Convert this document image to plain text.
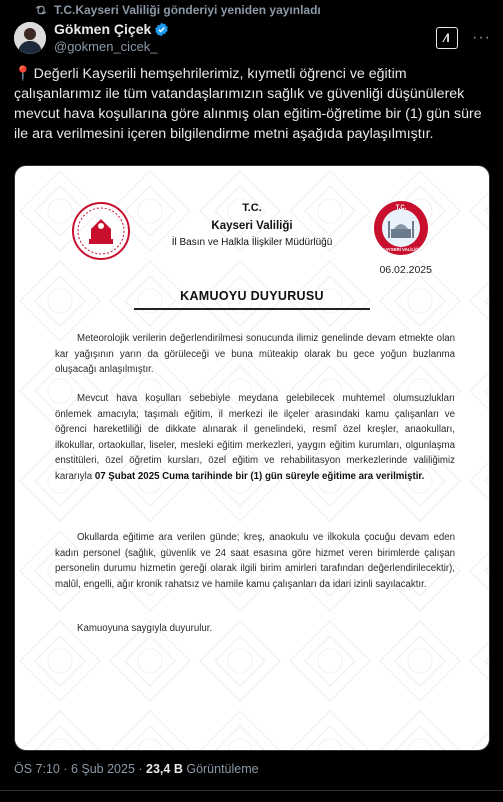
T.C.Kayseri Valiliği gönderiyi yeniden yayınladı
Gökmen Çiçek
@gokmen_cicek_
⁄I	···
📍 Değerli Kayserili hemşehrilerimiz, kıymetli öğrenci ve eğitim çalışanlarımız ile tüm vatandaşlarımızın sağlık ve güvenliği düşünülerek mevcut hava koşullarına göre alınmış olan eğitim-öğretime bir (1) gün süre ile ara verilmesini içeren bilgilendirme metni aşağıda paylaşılmıştır.
T.C.
Kayseri Valiliği
İl Basın ve Halkla İlişkiler Müdürlüğü
T.C.
KAYSERİ VALİLİĞİ
06.02.2025
KAMUOYU DUYURUSU
Meteorolojik verilerin değerlendirilmesi sonucunda ilimiz genelinde devam etmekte olan kar yağışının yarın da görüleceği ve buna müteakip olarak bu gece yoğun buzlanma oluşacağı anlaşılmıştır.
Mevcut hava koşulları sebebiyle meydana gelebilecek muhtemel olumsuzlukları önlemek amacıyla; taşımalı eğitim, il merkezi ile ilçeler arasındaki kamu çalışanları ve öğrenci hareketliliği de dikkate alınarak il genelindeki, resmî özel kreşler, anaokulları, ilkokullar, ortaokullar, liseler, mesleki eğitim merkezleri, yaygın eğitim kurumları, olgunlaşma enstitüleri, özel öğretim kursları, özel eğitim ve rehabilitasyon merkezlerinde valiliğimiz kararıyla 07 Şubat 2025 Cuma tarihinde bir (1) gün süreyle eğitime ara verilmiştir.
Okullarda eğitime ara verilen günde; kreş, anaokulu ve ilkokula çocuğu devam eden kadın personel (sağlık, güvenlik ve 24 saat esasına göre hizmet veren birimlerde çalışan personelin durumu hizmetin gereği olarak ilgili birim amirleri tarafından değerlendirilecektir), malûl, engelli, ağır kronik rahatsız ve hamile kamu çalışanları da idari izinli sayılacaktır.
Kamuoyuna saygıyla duyurulur.
ÖS 7:10 · 6 Şub 2025 · 23,4 B Görüntüleme
